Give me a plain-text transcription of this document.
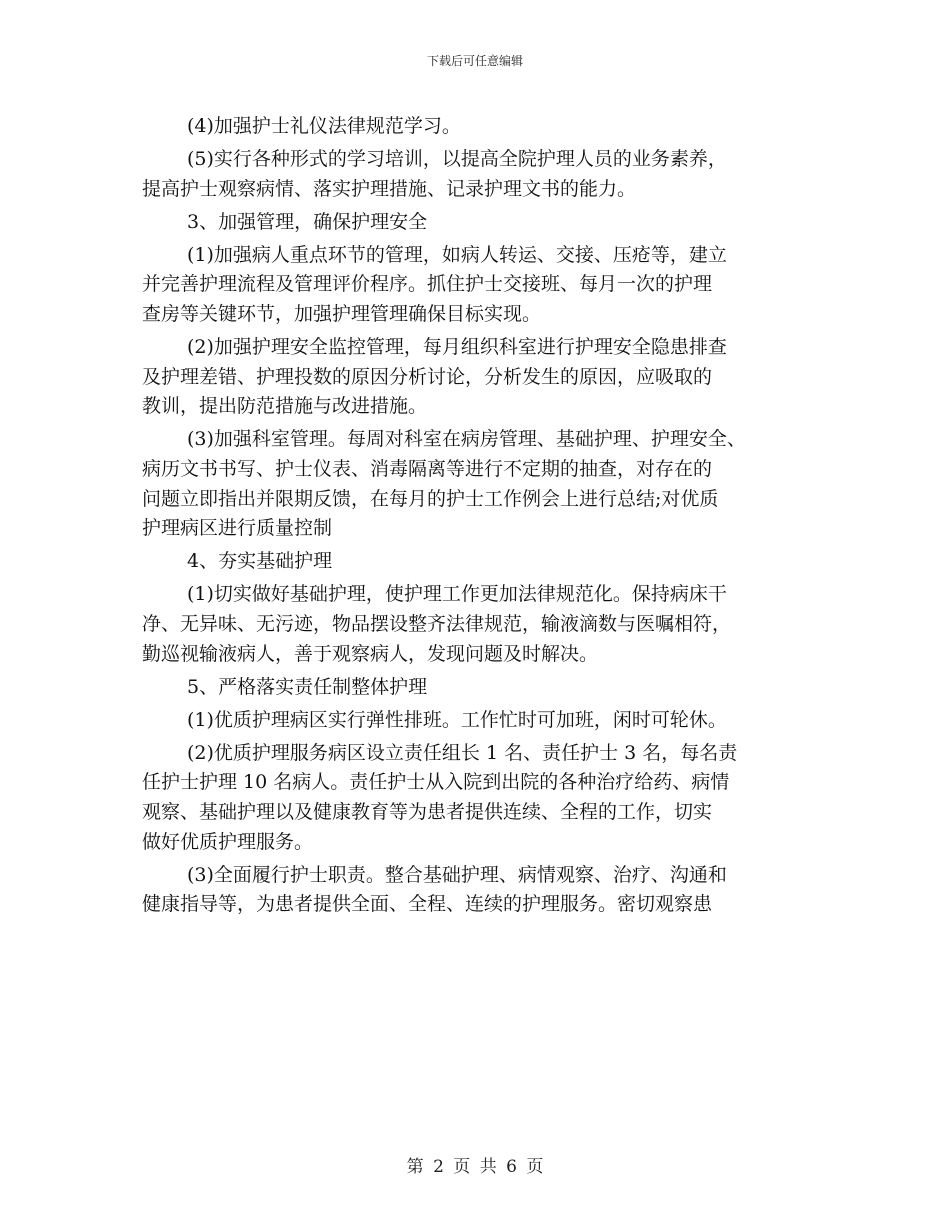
下载后可任意编辑
(4)加强护士礼仪法律规范学习。
(5)实行各种形式的学习培训，以提高全院护理人员的业务素养，
提高护士观察病情、落实护理措施、记录护理文书的能力。
3、加强管理，确保护理安全
(1)加强病人重点环节的管理，如病人转运、交接、压疮等，建立
并完善护理流程及管理评价程序。抓住护士交接班、每月一次的护理
查房等关键环节，加强护理管理确保目标实现。
(2)加强护理安全监控管理，每月组织科室进行护理安全隐患排查
及护理差错、护理投数的原因分析讨论，分析发生的原因，应吸取的
教训，提出防范措施与改进措施。
(3)加强科室管理。每周对科室在病房管理、基础护理、护理安全、
病历文书书写、护士仪表、消毒隔离等进行不定期的抽查，对存在的
问题立即指出并限期反馈，在每月的护士工作例会上进行总结;对优质
护理病区进行质量控制
4、夯实基础护理
(1)切实做好基础护理，使护理工作更加法律规范化。保持病床干
净、无异味、无污迹，物品摆设整齐法律规范，输液滴数与医嘱相符，
勤巡视输液病人，善于观察病人，发现问题及时解决。
5、严格落实责任制整体护理
(1)优质护理病区实行弹性排班。工作忙时可加班，闲时可轮休。
(2)优质护理服务病区设立责任组长 1 名、责任护士 3 名，每名责
任护士护理 10 名病人。责任护士从入院到出院的各种治疗给药、病情
观察、基础护理以及健康教育等为患者提供连续、全程的工作，切实
做好优质护理服务。
(3)全面履行护士职责。整合基础护理、病情观察、治疗、沟通和
健康指导等，为患者提供全面、全程、连续的护理服务。密切观察患
第 2 页 共 6 页
